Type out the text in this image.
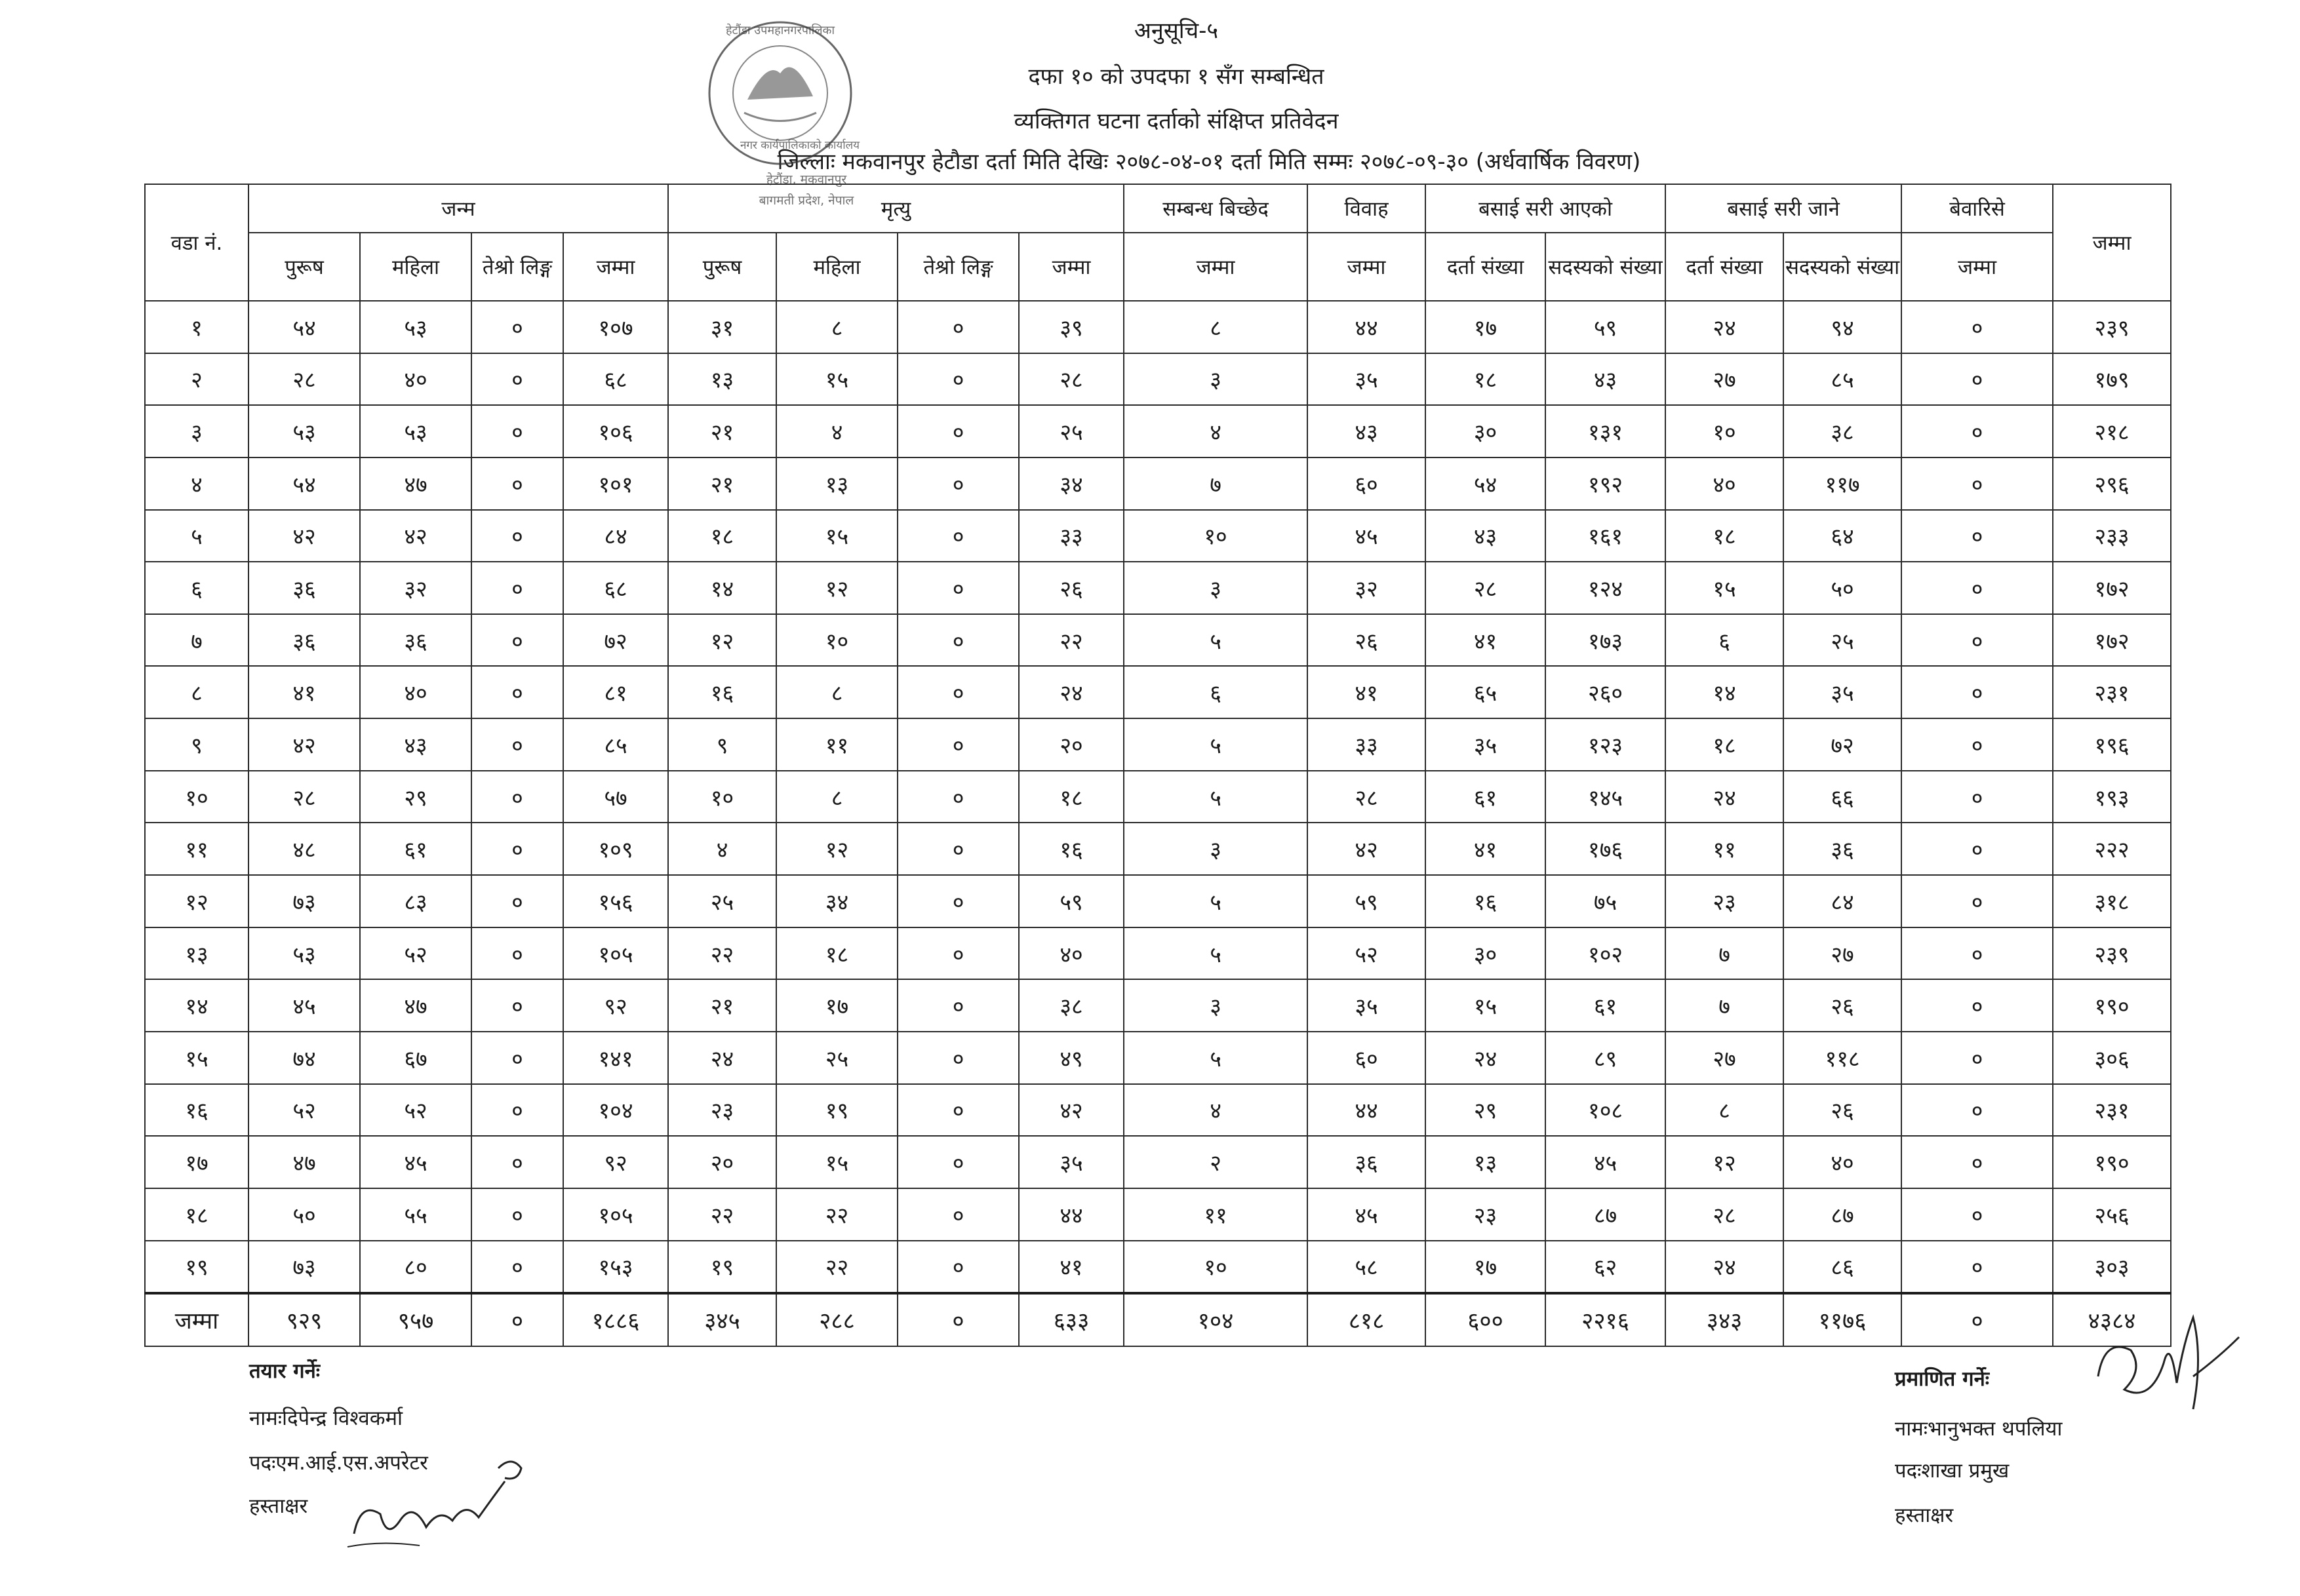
अनुसूचि-५
दफा १० को उपदफा १ सँग सम्बन्धित
व्यक्तिगत घटना दर्ताको संक्षिप्त प्रतिवेदन
जिल्लाः मकवानपुर हेटौडा दर्ता मिति देखिः २०७८-०४-०१ दर्ता मिति सम्मः २०७८-०९-३० (अर्धवार्षिक विवरण)
हेटौंडा उपमहानगरपालिका
नगर कार्यपालिकाको कार्यालय
हेटौंडा, मकवानपुर
बागमती प्रदेश, नेपाल
वडा नं.	जन्म				मृत्यु				सम्बन्ध बिच्छेद	विवाह	बसाई सरी आएको		बसाई सरी जाने		बेवारिसे	जम्मा
	पुरूष	महिला	तेश्रो लिङ्ग	जम्मा	पुरूष	महिला	तेश्रो लिङ्ग	जम्मा	जम्मा	जम्मा	दर्ता संख्या	सदस्यको संख्या	दर्ता संख्या	सदस्यको संख्या	जम्मा	
१	५४	५३	०	१०७	३१	८	०	३९	८	४४	१७	५९	२४	९४	०	२३९
२	२८	४०	०	६८	१३	१५	०	२८	३	३५	१८	४३	२७	८५	०	१७९
३	५३	५३	०	१०६	२१	४	०	२५	४	४३	३०	१३१	१०	३८	०	२१८
४	५४	४७	०	१०१	२१	१३	०	३४	७	६०	५४	१९२	४०	११७	०	२९६
५	४२	४२	०	८४	१८	१५	०	३३	१०	४५	४३	१६१	१८	६४	०	२३३
६	३६	३२	०	६८	१४	१२	०	२६	३	३२	२८	१२४	१५	५०	०	१७२
७	३६	३६	०	७२	१२	१०	०	२२	५	२६	४१	१७३	६	२५	०	१७२
८	४१	४०	०	८१	१६	८	०	२४	६	४१	६५	२६०	१४	३५	०	२३१
९	४२	४३	०	८५	९	११	०	२०	५	३३	३५	१२३	१८	७२	०	१९६
१०	२८	२९	०	५७	१०	८	०	१८	५	२८	६१	१४५	२४	६६	०	१९३
११	४८	६१	०	१०९	४	१२	०	१६	३	४२	४१	१७६	११	३६	०	२२२
१२	७३	८३	०	१५६	२५	३४	०	५९	५	५९	१६	७५	२३	८४	०	३१८
१३	५३	५२	०	१०५	२२	१८	०	४०	५	५२	३०	१०२	७	२७	०	२३९
१४	४५	४७	०	९२	२१	१७	०	३८	३	३५	१५	६१	७	२६	०	१९०
१५	७४	६७	०	१४१	२४	२५	०	४९	५	६०	२४	८९	२७	११८	०	३०६
१६	५२	५२	०	१०४	२३	१९	०	४२	४	४४	२९	१०८	८	२६	०	२३१
१७	४७	४५	०	९२	२०	१५	०	३५	२	३६	१३	४५	१२	४०	०	१९०
१८	५०	५५	०	१०५	२२	२२	०	४४	११	४५	२३	८७	२८	८७	०	२५६
१९	७३	८०	०	१५३	१९	२२	०	४१	१०	५८	१७	६२	२४	८६	०	३०३
जम्मा	९२९	९५७	०	१८८६	३४५	२८८	०	६३३	१०४	८१८	६००	२२१६	३४३	११७६	०	४३८४
तयार गर्नेः
नामःदिपेन्द्र विश्वकर्मा
पदःएम.आई.एस.अपरेटर
हस्ताक्षर
प्रमाणित गर्नेः
नामःभानुभक्त थपलिया
पदःशाखा प्रमुख
हस्ताक्षर
